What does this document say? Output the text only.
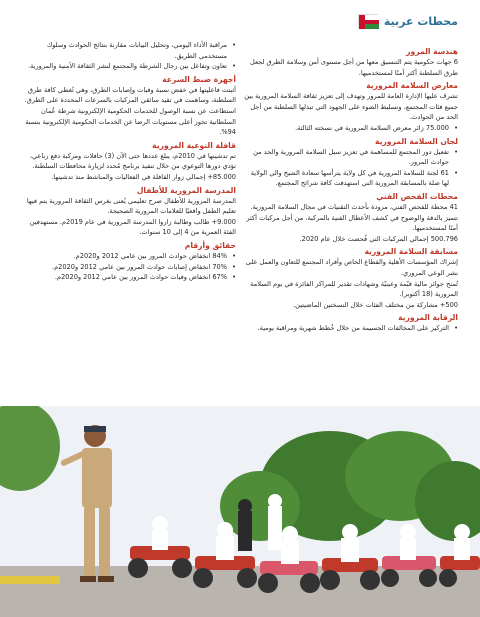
محطات عربية
هندسة المرور
6 جهات حكومية يتم التنسيق معها من أجل مستوى أمن وسلامة الطرق لجعل طرق السلطنة أكثر أمنًا لمستخدميها.
معارض السلامة المرورية
تشرف عليها الإدارة العامة للمرور وتهدف إلى تعزيز ثقافة السلامة المرورية بين جميع فئات المجتمع، وتسليط الضوء على الجهود التي تبذلها السلطنة من أجل الحد من الحوادث.
• 75.000 زائر معرض السلامة المرورية في نسخته الثالثة.
لجان السلامة المرورية
• تفعيل دور المجتمع للمساهمة في تعزيز سبل السلامة المرورية والحد من حوادث المرور.
• 61 لجنة للسلامة المرورية في كل ولاية يترأسها سعادة الشيخ والي الولاية لها صلة بالمسابقة المرورية التي استهدفت كافة شرائح المجتمع.
محطات الفحص الفني
41 محطة للفحص الفني، مزودة بأحدث التقنيات في مجال السلامة المرورية.
تتميز بالدقة والوضوح في كشف الأعطال الفنية بالمركبة، من أجل مركبات أكثر أمنًا لمستخدميها.
500.796 إجمالي المركبات التي فُحصت خلال عام 2020.
مسابقة السلامة المرورية
إشراك المؤسسات الأهلية والقطاع الخاص وأفراد المجتمع للتعاون والعمل على نشر الوعي المروري.
تُمنح جوائز مالية قيّمة وعينيّة وشهادات تقدير للمراكز الفائزة في يوم السلامة المرورية (18 أكتوبر).
500+ مشاركة من مختلف الفئات خلال النسختين الماضيتين.
الرقابة المرورية
• التركيز على المخالفات الجسيمة من خلال خُطط شهرية ومراقبة يومية.
• مراقبة الأداء اليومي، وتحليل البيانات مقارنة بنتائج الحوادث وسلوك مستخدمي الطريق.
• تعاون وتفاعل بين رجال الشرطة والمجتمع لنشر الثقافة الأمنية والمرورية.
أجهزة ضبط السرعة
أثبتت فاعليتها في خفض نسبة وفيات وإصابات الطرق، وهي تُغطي كافة طرق السلطنة، وساهمت في تقيد سائقي المركبات بالسرعات المحددة على الطرق.
استطاعت عن نسبة الوصول للخدمات الحكومية الإلكترونية شرطة عُمان السلطانية تحوز أعلى مستويات الرضا عن الخدمات الحكومية الإلكترونية بنسبة 94%.
قافلة التوعية المرورية
تم تدشينها في 2010م، يبلغ عددها حتى الآن (3) حافلات ومركبة دفع رباعي، تؤدي دورها التوعوي من خلال تنفيذ برنامج مُحدد لزيارة محافظات السلطنة.
85.000+ إجمالي زوار القافلة في الفعاليات والمناشط منذ تدشينها.
المدرسة المرورية للأطفال
المدرسة المرورية للأطفال صرح تعليمي يُعنى بغرس الثقافة المرورية يتم فيها تعليم الطفل واقعيًا للعلامات المرورية الصحيحة.
9.000+ طالب وطالبة زاروا المدرسة المرورية في عام 2019م. مستهدفين الفئة العمرية من 4 إلى 10 سنوات.
حقائق وأرقام
• 84% انخفاض حوادث المرور بين عامي 2012 و2020م.
• 70% انخفاض إصابات حوادث المرور بين عامي 2012 و2020م.
• 67% انخفاض وفيات حوادث المرور بين عامي 2012 و2020م.
